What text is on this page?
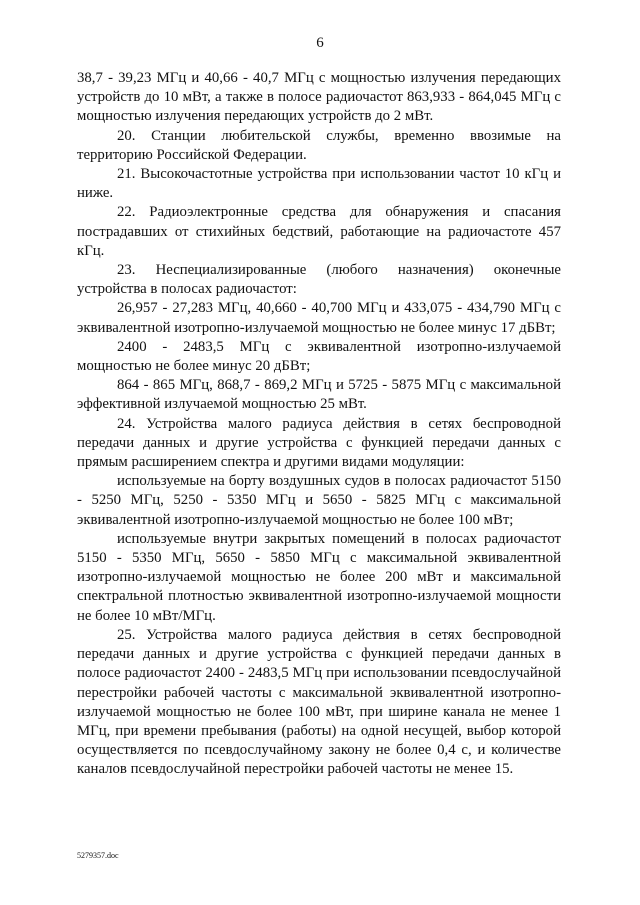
6

38,7 - 39,23 МГц и 40,66 - 40,7 МГц с мощностью излучения передающих устройств до 10 мВт, а также в полосе радиочастот 863,933 - 864,045 МГц с мощностью излучения передающих устройств до 2 мВт.

20. Станции любительской службы, временно ввозимые на территорию Российской Федерации.

21. Высокочастотные устройства при использовании частот 10 кГц и ниже.

22. Радиоэлектронные средства для обнаружения и спасания пострадавших от стихийных бедствий, работающие на радиочастоте 457 кГц.

23. Неспециализированные (любого назначения) оконечные устройства в полосах радиочастот:

26,957 - 27,283 МГц, 40,660 - 40,700 МГц и 433,075 - 434,790 МГц с эквивалентной изотропно-излучаемой мощностью не более минус 17 дБВт;

2400 - 2483,5 МГц с эквивалентной изотропно-излучаемой мощностью не более минус 20 дБВт;

864 - 865 МГц, 868,7 - 869,2 МГц и 5725 - 5875 МГц с максимальной эффективной излучаемой мощностью 25 мВт.

24. Устройства малого радиуса действия в сетях беспроводной передачи данных и другие устройства с функцией передачи данных с прямым расширением спектра и другими видами модуляции:

используемые на борту воздушных судов в полосах радиочастот 5150 - 5250 МГц, 5250 - 5350 МГц и 5650 - 5825 МГц с максимальной эквивалентной изотропно-излучаемой мощностью не более 100 мВт;

используемые внутри закрытых помещений в полосах радиочастот 5150 - 5350 МГц, 5650 - 5850 МГц с максимальной эквивалентной изотропно-излучаемой мощностью не более 200 мВт и максимальной спектральной плотностью эквивалентной изотропно-излучаемой мощности не более 10 мВт/МГц.

25. Устройства малого радиуса действия в сетях беспроводной передачи данных и другие устройства с функцией передачи данных в полосе радиочастот 2400 - 2483,5 МГц при использовании псевдослучайной перестройки рабочей частоты с максимальной эквивалентной изотропно-излучаемой мощностью не более 100 мВт, при ширине канала не менее 1 МГц, при времени пребывания (работы) на одной несущей, выбор которой осуществляется по псевдослучайному закону не более 0,4 с, и количестве каналов псевдослучайной перестройки рабочей частоты не менее 15.

5279357.doc
